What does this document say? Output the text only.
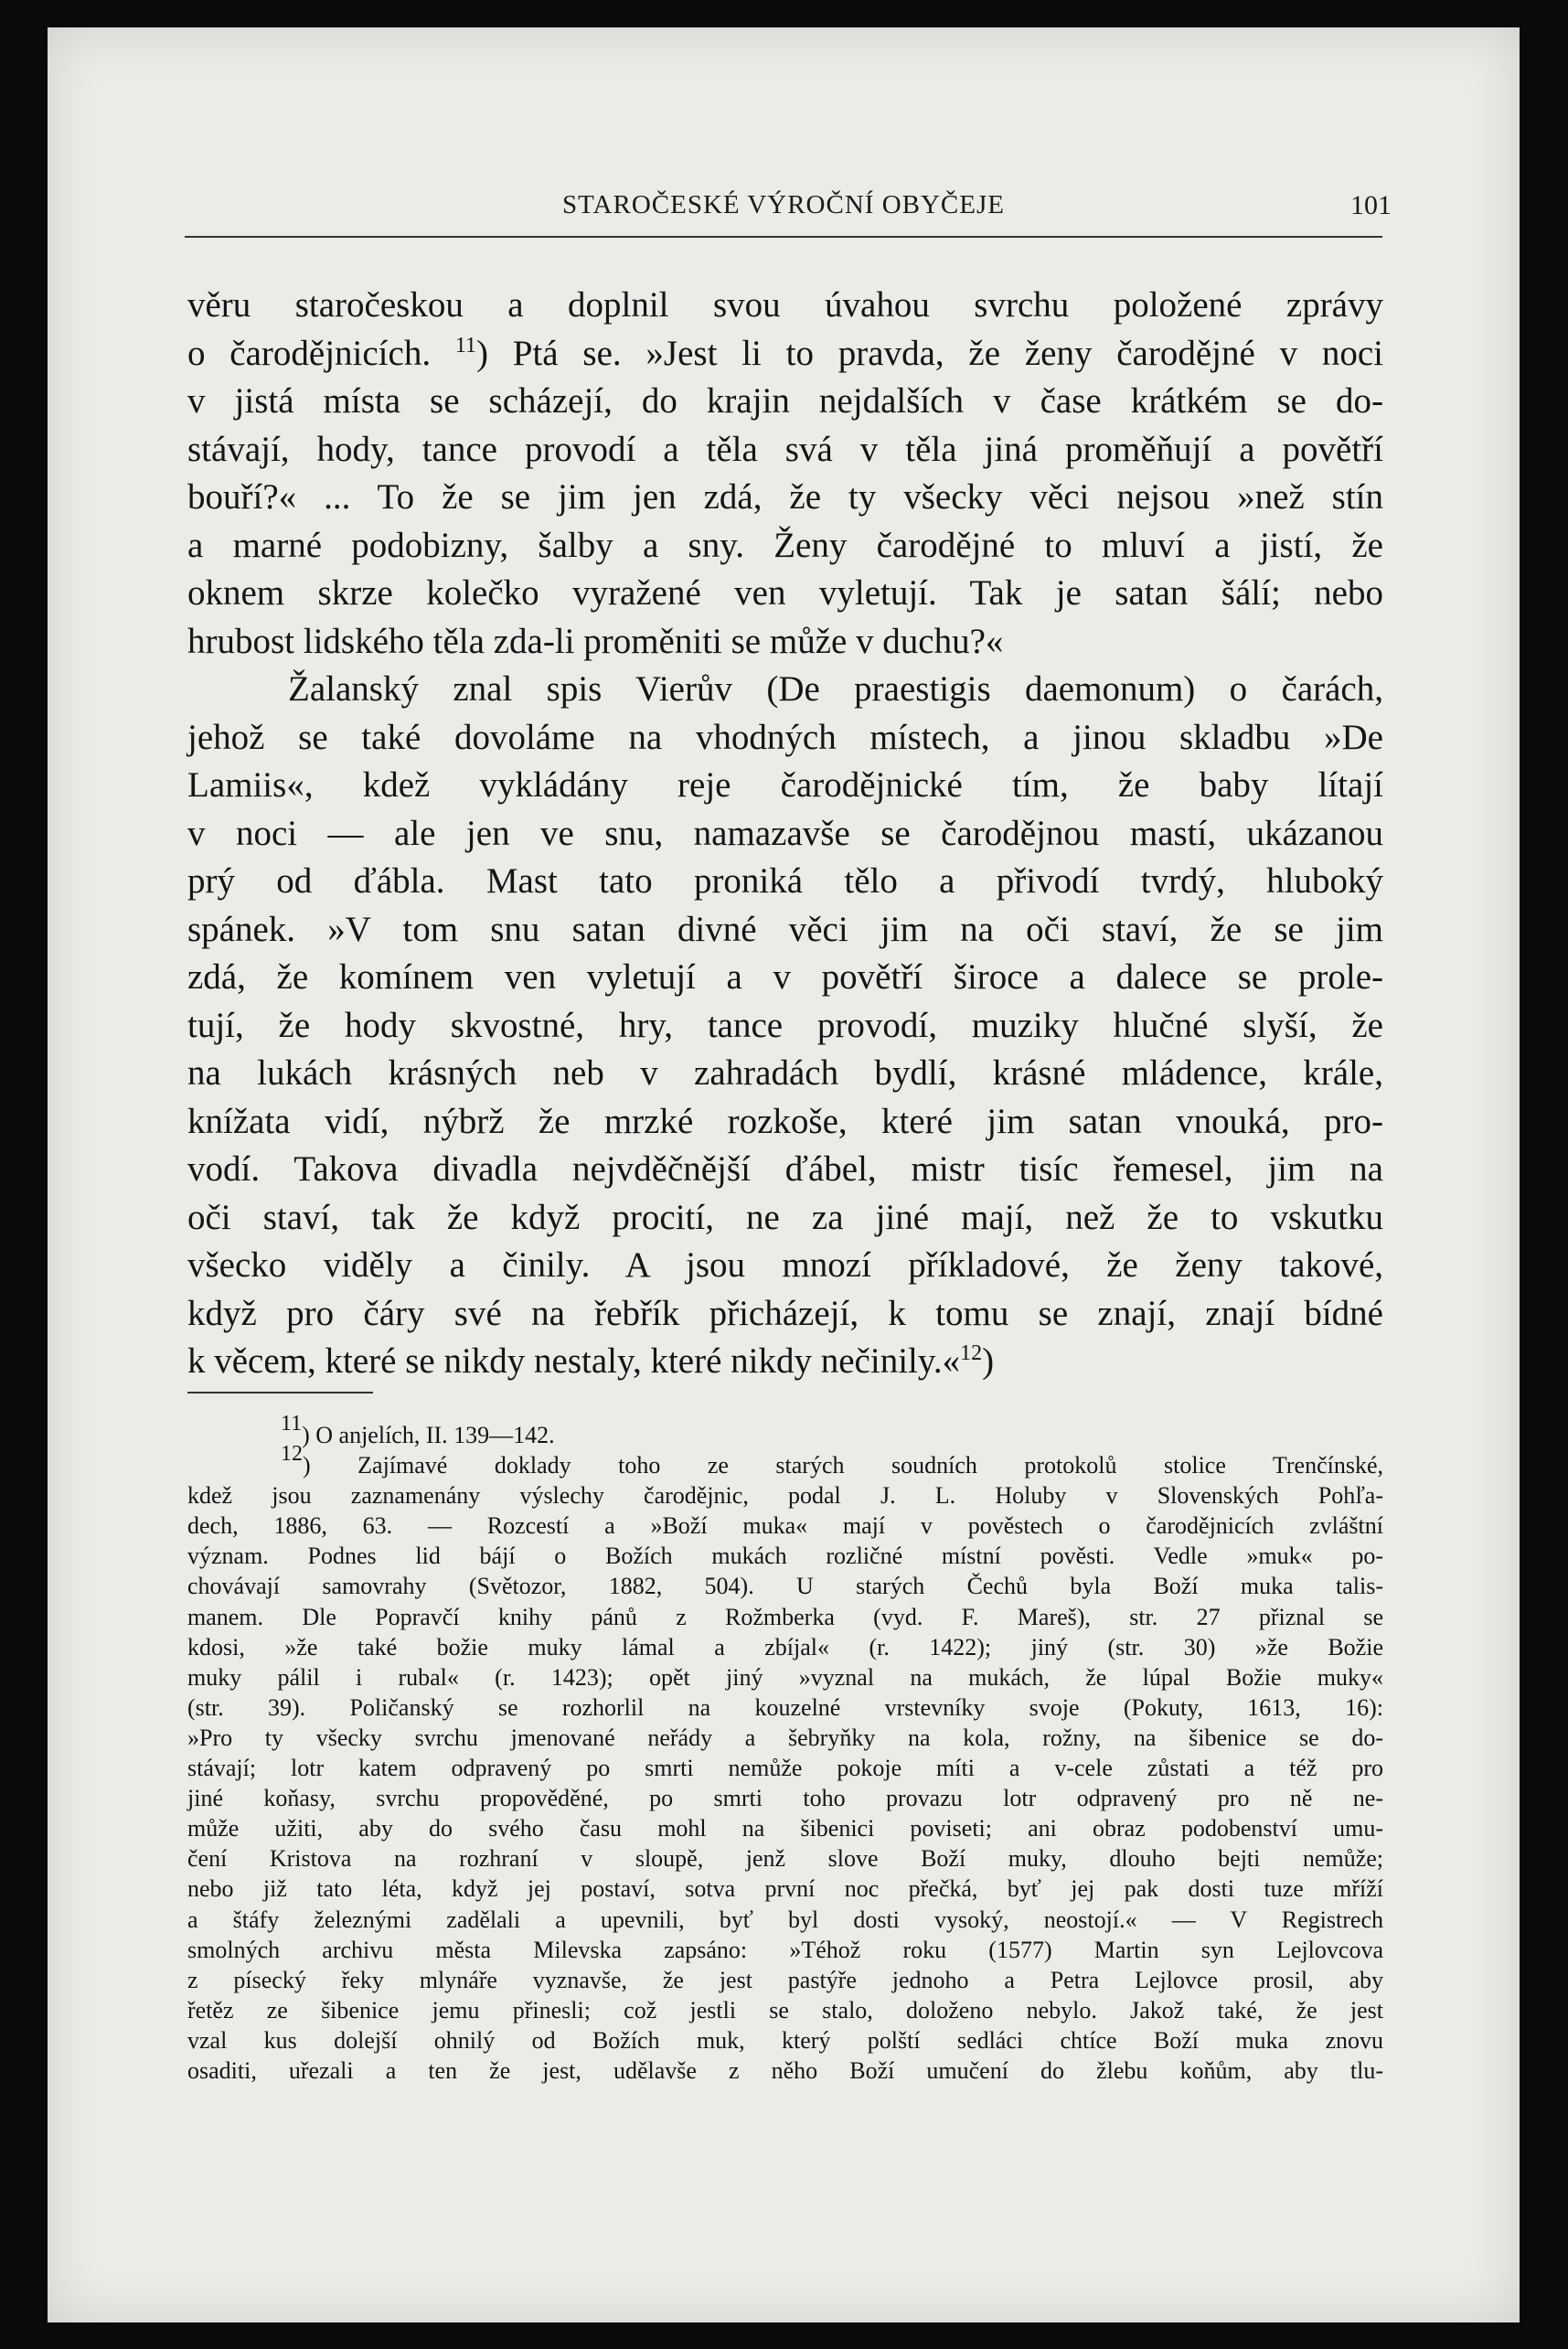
STAROČESKÉ VÝROČNÍ OBYČEJE	101
věru staročeskou a doplnil svou úvahou svrchu položené zprávy
o čarodějnicích. $^{11}$) Ptá se. »Jest li to pravda, že ženy čarodějné v noci
v jistá místa se scházejí, do krajin nejdalších v čase krátkém se do-
stávají, hody, tance provodí a těla svá v těla jiná proměňují a povětří
bouří?« ... To že se jim jen zdá, že ty všecky věci nejsou »než stín
a marné podobizny, šalby a sny. Ženy čarodějné to mluví a jistí, že
oknem skrze kolečko vyražené ven vyletují. Tak je satan šálí; nebo
hrubost lidského těla zda-li proměniti se může v duchu?«
Žalanský znal spis Vierův (De praestigis daemonum) o čarách,
jehož se také dovoláme na vhodných místech, a jinou skladbu »De
Lamiis«, kdež vykládány reje čarodějnické tím, že baby lítají
v noci — ale jen ve snu, namazavše se čarodějnou mastí, ukázanou
prý od ďábla. Mast tato proniká tělo a přivodí tvrdý, hluboký
spánek. »V tom snu satan divné věci jim na oči staví, že se jim
zdá, že komínem ven vyletují a v povětří široce a dalece se prole-
tují, že hody skvostné, hry, tance provodí, muziky hlučné slyší, že
na lukách krásných neb v zahradách bydlí, krásné mládence, krále,
knížata vidí, nýbrž že mrzké rozkoše, které jim satan vnouká, pro-
vodí. Takova divadla nejvděčnější ďábel, mistr tisíc řemesel, jim na
oči staví, tak že když procití, ne za jiné mají, než že to vskutku
všecko viděly a činily. A jsou mnozí příkladové, že ženy takové,
když pro čáry své na řebřík přicházejí, k tomu se znají, znají bídné
k věcem, které se nikdy nestaly, které nikdy nečinily.«$^{12}$)
11) O anjelích, II. 139—142.
12) Zajímavé doklady toho ze starých soudních protokolů stolice Trenčínské,
kdež jsou zaznamenány výslechy čarodějnic, podal J. L. Holuby v Slovenských Pohľa-
dech, 1886, 63. — Rozcestí a »Boží muka« mají v pověstech o čarodějnicích zvláštní
význam. Podnes lid bájí o Božích mukách rozličné místní pověsti. Vedle »muk« po-
chovávají samovrahy (Světozor, 1882, 504). U starých Čechů byla Boží muka talis-
manem. Dle Popravčí knihy pánů z Rožmberka (vyd. F. Mareš), str. 27 přiznal se
kdosi, »že také božie muky lámal a zbíjal« (r. 1422); jiný (str. 30) »že Božie
muky pálil i rubal« (r. 1423); opět jiný »vyznal na mukách, že lúpal Božie muky«
(str. 39). Poličanský se rozhorlil na kouzelné vrstevníky svoje (Pokuty, 1613, 16):
»Pro ty všecky svrchu jmenované neřády a šebryňky na kola, rožny, na šibenice se do-
stávají; lotr katem odpravený po smrti nemůže pokoje míti a v-cele zůstati a též pro
jiné koňasy, svrchu propověděné, po smrti toho provazu lotr odpravený pro ně ne-
může užiti, aby do svého času mohl na šibenici poviseti; ani obraz podobenství umu-
čení Kristova na rozhraní v sloupě, jenž slove Boží muky, dlouho bejti nemůže;
nebo již tato léta, když jej postaví, sotva první noc přečká, byť jej pak dosti tuze mříží
a štáfy železnými zadělali a upevnili, byť byl dosti vysoký, neostojí.« — V Registrech
smolných archivu města Milevska zapsáno: »Téhož roku (1577) Martin syn Lejlovcova
z písecký řeky mlynáře vyznavše, že jest pastýře jednoho a Petra Lejlovce prosil, aby
řetěz ze šibenice jemu přinesli; což jestli se stalo, doloženo nebylo. Jakož také, že jest
vzal kus dolejší ohnilý od Božích muk, který polští sedláci chtíce Boží muka znovu
osaditi, uřezali a ten že jest, udělavše z něho Boží umučení do žlebu koňům, aby tlu-
